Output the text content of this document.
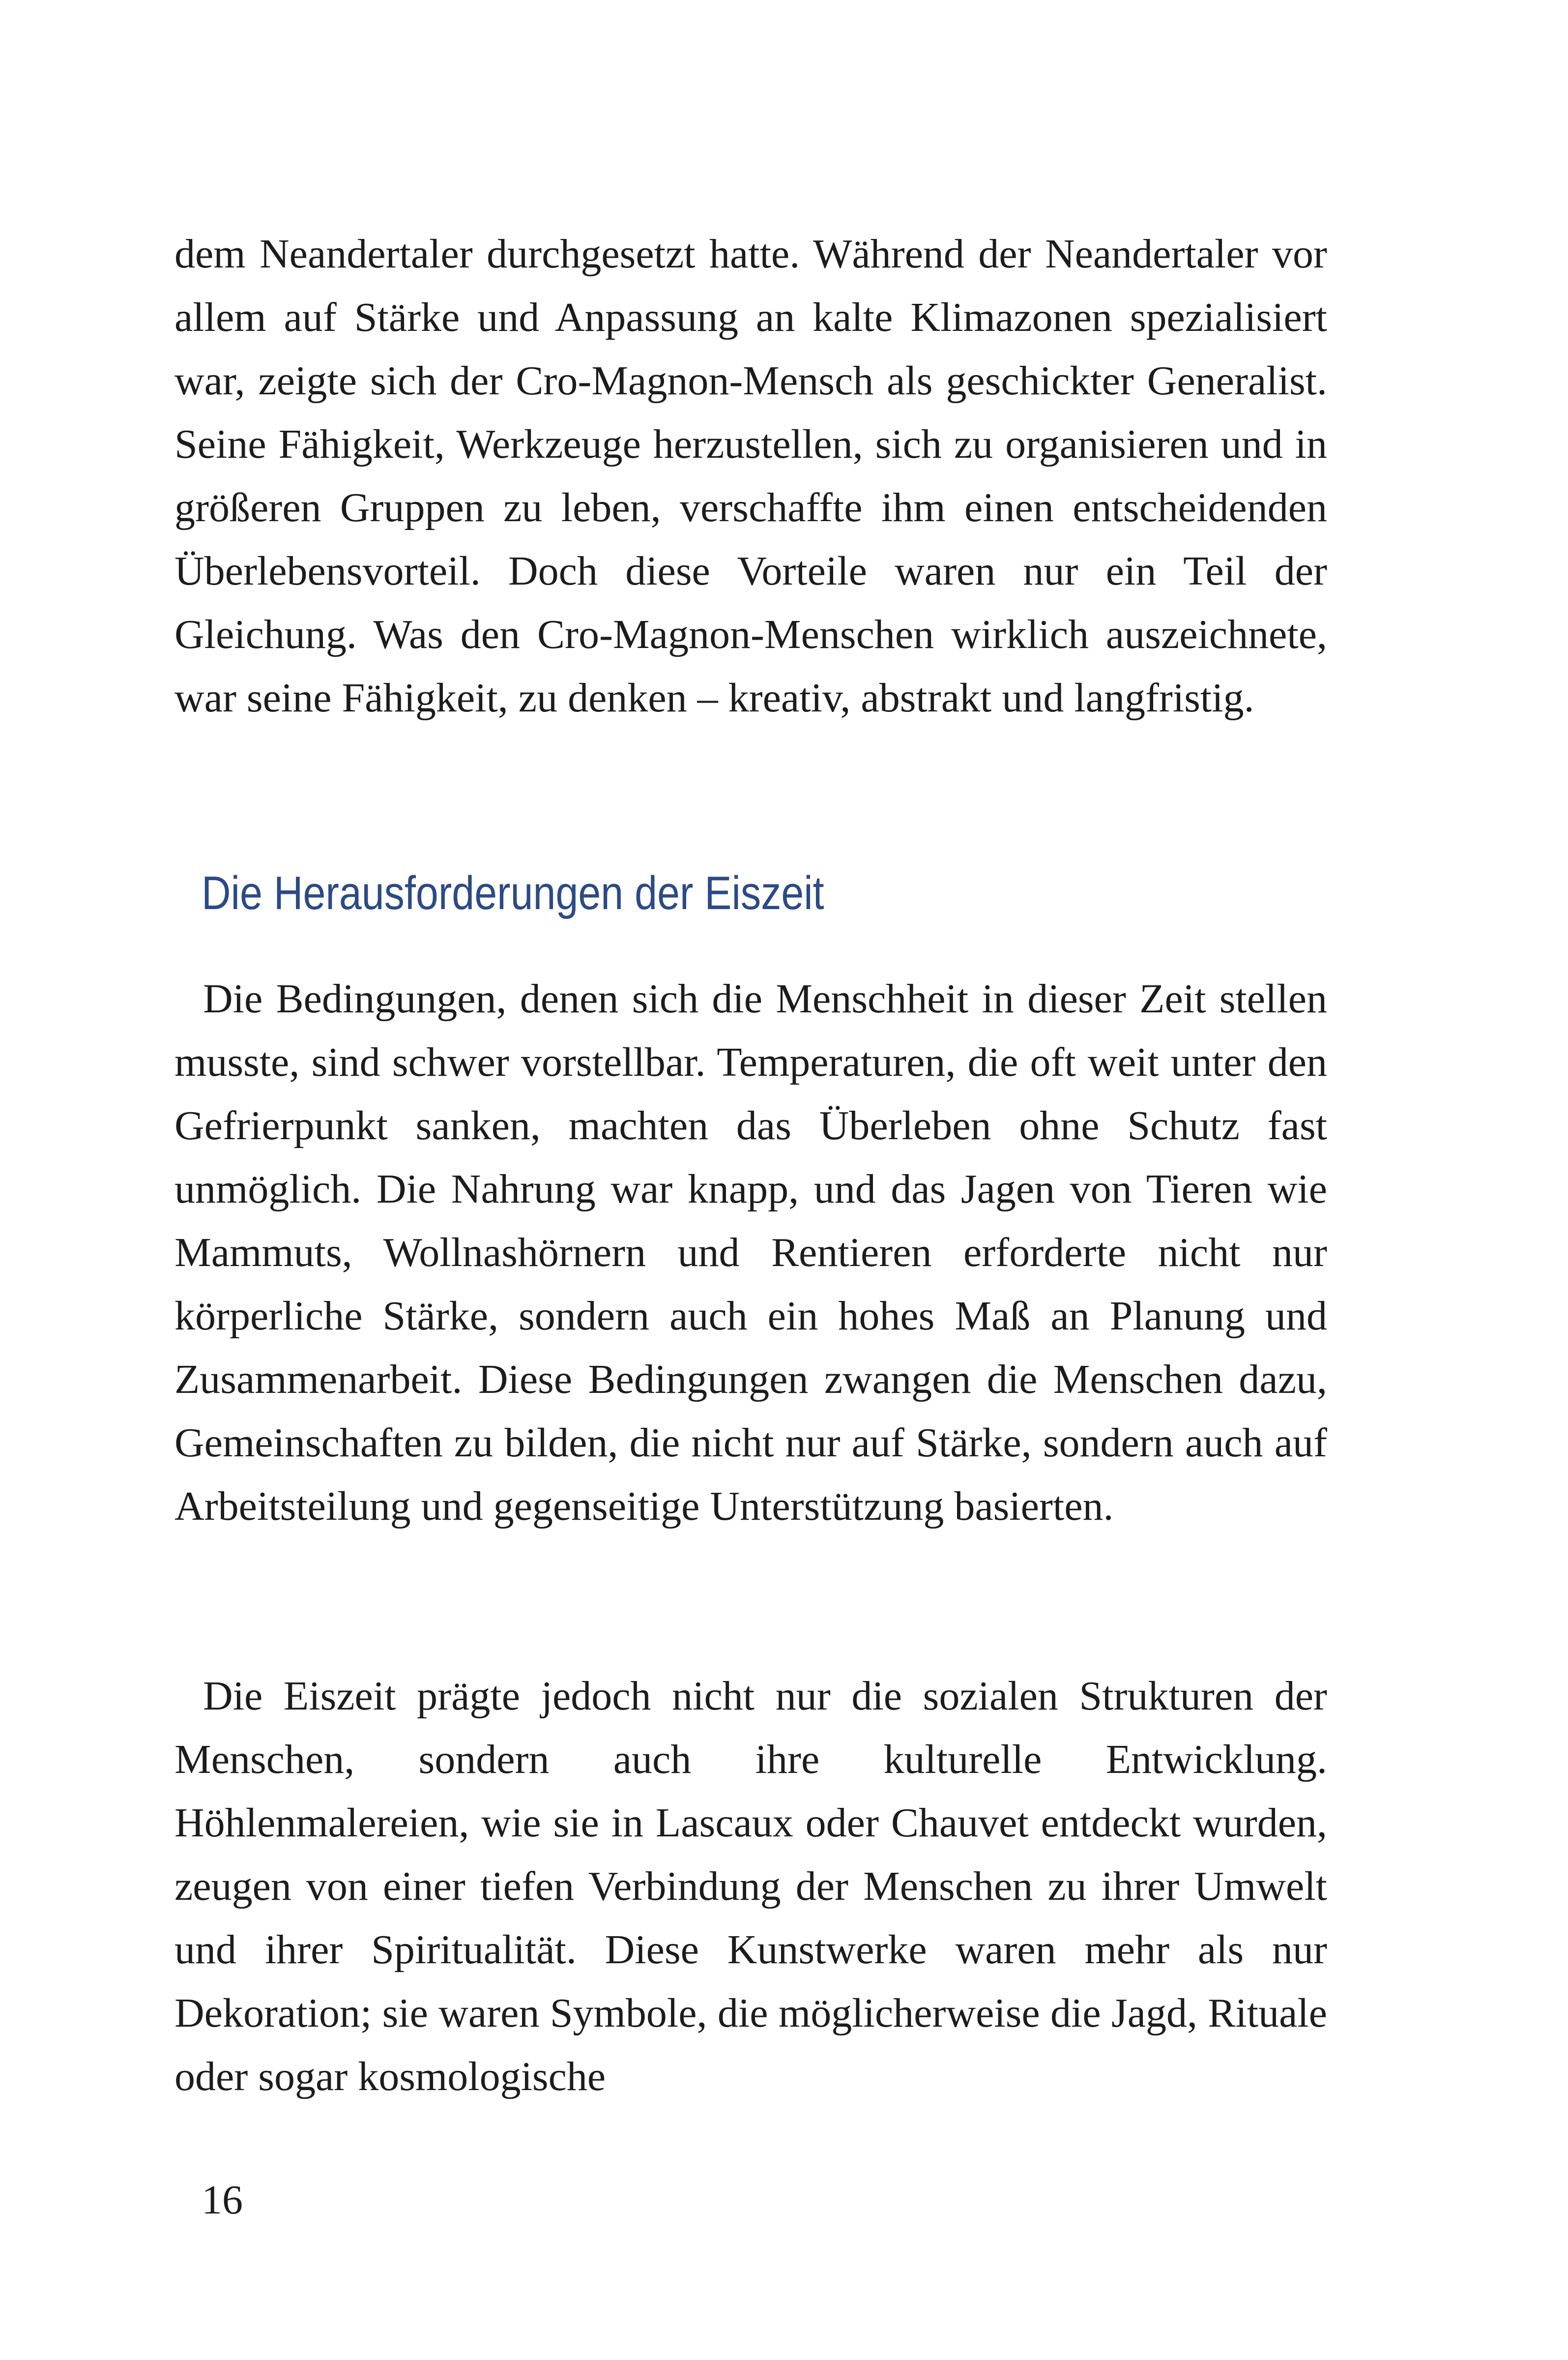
dem Neandertaler durchgesetzt hatte. Während der Neandertaler vor allem auf Stärke und Anpassung an kalte Klimazonen spezialisiert war, zeigte sich der Cro-Magnon-Mensch als geschickter Generalist. Seine Fähigkeit, Werkzeuge herzustellen, sich zu organisieren und in größeren Gruppen zu leben, verschaffte ihm einen entscheidenden Überlebensvorteil. Doch diese Vorteile waren nur ein Teil der Gleichung. Was den Cro-Magnon-Menschen wirklich auszeichnete, war seine Fähigkeit, zu denken – kreativ, abstrakt und langfristig.

Die Herausforderungen der Eiszeit

Die Bedingungen, denen sich die Menschheit in dieser Zeit stellen musste, sind schwer vorstellbar. Temperaturen, die oft weit unter den Gefrierpunkt sanken, machten das Überleben ohne Schutz fast unmöglich. Die Nahrung war knapp, und das Jagen von Tieren wie Mammuts, Wollnashörnern und Rentieren erforderte nicht nur körperliche Stärke, sondern auch ein hohes Maß an Planung und Zusammenarbeit. Diese Bedingungen zwangen die Menschen dazu, Gemeinschaften zu bilden, die nicht nur auf Stärke, sondern auch auf Arbeitsteilung und gegenseitige Unterstützung basierten.

Die Eiszeit prägte jedoch nicht nur die sozialen Strukturen der Menschen, sondern auch ihre kulturelle Entwicklung. Höhlenmalereien, wie sie in Lascaux oder Chauvet entdeckt wurden, zeugen von einer tiefen Verbindung der Menschen zu ihrer Umwelt und ihrer Spiritualität. Diese Kunstwerke waren mehr als nur Dekoration; sie waren Symbole, die möglicherweise die Jagd, Rituale oder sogar kosmologische

16
